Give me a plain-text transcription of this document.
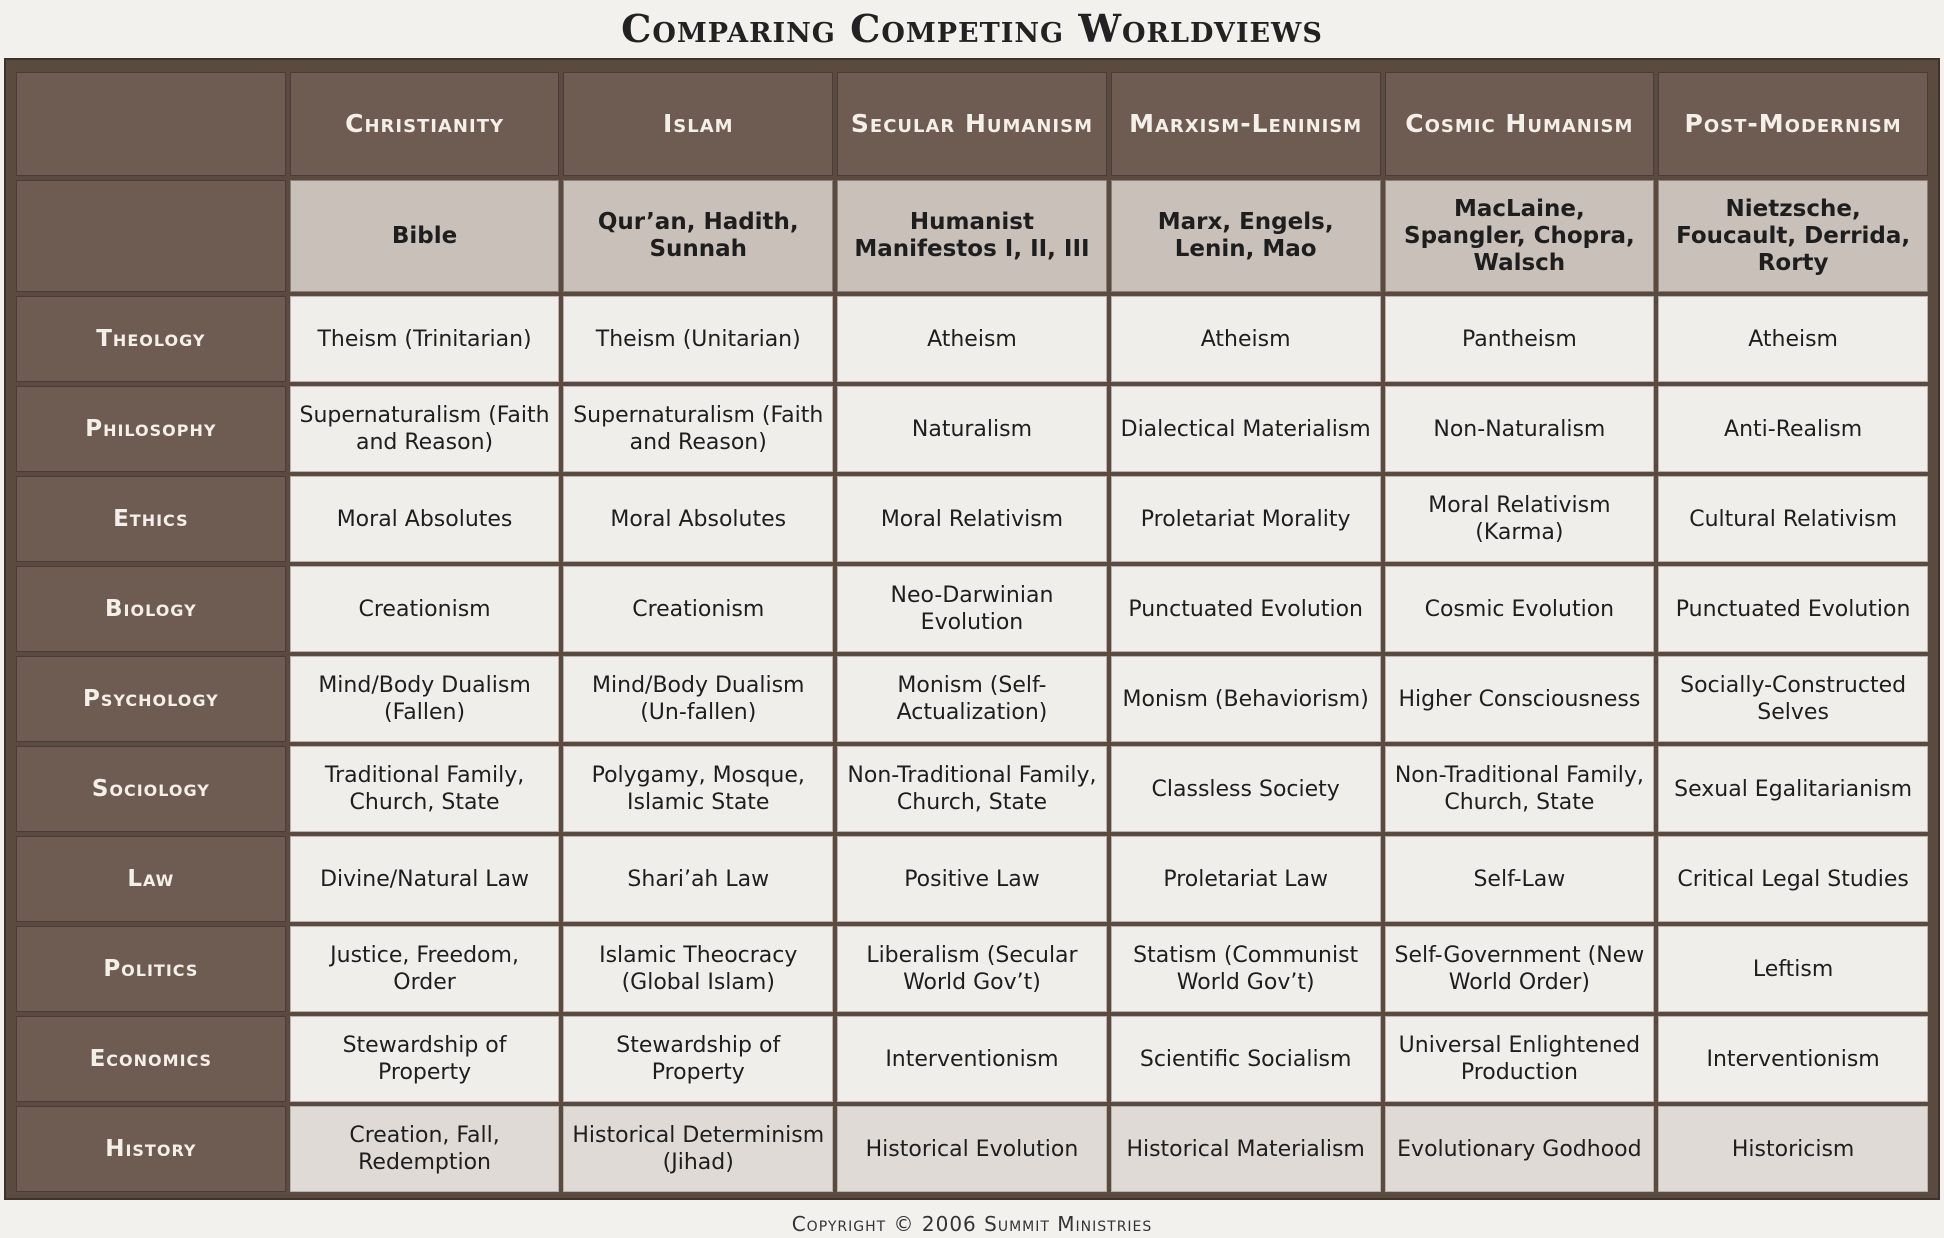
Comparing Competing Worldviews
	Christianity	Islam	Secular Humanism	Marxism-Leninism	Cosmic Humanism	Post-Modernism
	Bible	Qur’an, Hadith, Sunnah	Humanist Manifestos I, II, III	Marx, Engels, Lenin, Mao	MacLaine, Spangler, Chopra, Walsch	Nietzsche, Foucault, Derrida, Rorty
Theology	Theism (Trinitarian)	Theism (Unitarian)	Atheism	Atheism	Pantheism	Atheism
Philosophy	Supernaturalism (Faith and Reason)	Supernaturalism (Faith and Reason)	Naturalism	Dialectical Materialism	Non-Naturalism	Anti-Realism
Ethics	Moral Absolutes	Moral Absolutes	Moral Relativism	Proletariat Morality	Moral Relativism (Karma)	Cultural Relativism
Biology	Creationism	Creationism	Neo-Darwinian Evolution	Punctuated Evolution	Cosmic Evolution	Punctuated Evolution
Psychology	Mind/Body Dualism (Fallen)	Mind/Body Dualism (Un-fallen)	Monism (Self-Actualization)	Monism (Behaviorism)	Higher Consciousness	Socially-Constructed Selves
Sociology	Traditional Family, Church, State	Polygamy, Mosque, Islamic State	Non-Traditional Family, Church, State	Classless Society	Non-Traditional Family, Church, State	Sexual Egalitarianism
Law	Divine/Natural Law	Shari’ah Law	Positive Law	Proletariat Law	Self-Law	Critical Legal Studies
Politics	Justice, Freedom, Order	Islamic Theocracy (Global Islam)	Liberalism (Secular World Gov’t)	Statism (Communist World Gov’t)	Self-Government (New World Order)	Leftism
Economics	Stewardship of Property	Stewardship of Property	Interventionism	Scientific Socialism	Universal Enlightened Production	Interventionism
History	Creation, Fall, Redemption	Historical Determinism (Jihad)	Historical Evolution	Historical Materialism	Evolutionary Godhood	Historicism
Copyright © 2006 Summit Ministries
